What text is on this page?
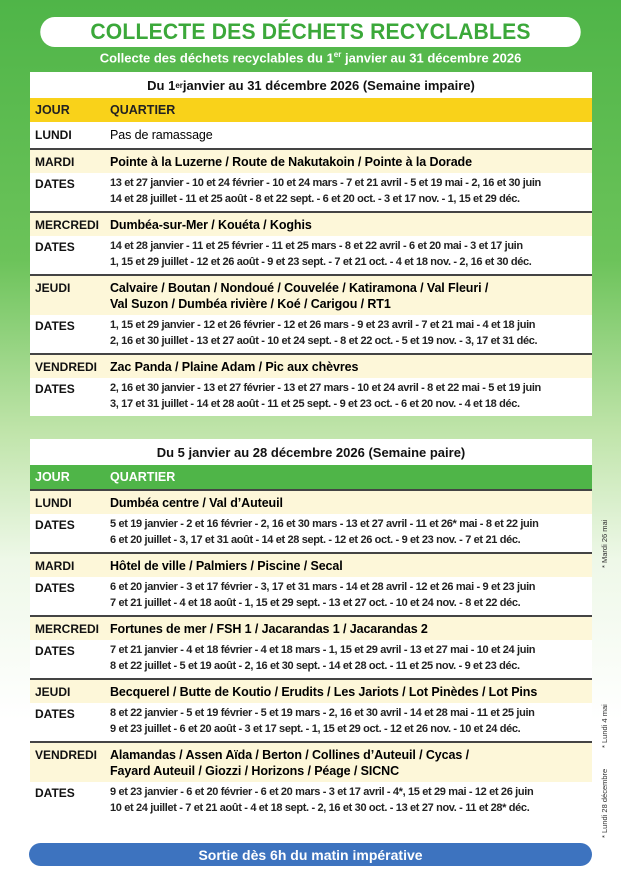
COLLECTE DES DÉCHETS RECYCLABLES
Collecte des déchets recyclables du 1er janvier au 31 décembre 2026
Du 1 er janvier au 31 décembre 2026 (Semaine impaire)
JOUR	QUARTIER
LUNDI	Pas de ramassage
MARDI	Pointe à la Luzerne / Route de Nakutakoin / Pointe à la Dorade
DATES	13 et 27 janvier - 10 et 24 février - 10 et 24 mars - 7 et 21 avril - 5 et 19 mai - 2, 16 et 30 juin
14 et 28 juillet - 11 et 25 août - 8 et 22 sept. - 6 et 20 oct. - 3 et 17 nov. - 1, 15 et 29 déc.
MERCREDI Dumbéa-sur-Mer / Kouéta / Koghis
DATES	14 et 28 janvier - 11 et 25 février - 11 et 25 mars - 8 et 22 avril - 6 et 20 mai - 3 et 17 juin
1, 15 et 29 juillet - 12 et 26 août - 9 et 23 sept. - 7 et 21 oct. - 4 et 18 nov. - 2, 16 et 30 déc.
JEUDI	Calvaire / Boutan / Nondoué / Couvelée / Katiramona / Val Fleuri /
Val Suzon / Dumbéa rivière / Koé / Carigou / RT1
DATES	1, 15 et 29 janvier - 12 et 26 février - 12 et 26 mars - 9 et 23 avril - 7 et 21 mai - 4 et 18 juin
2, 16 et 30 juillet - 13 et 27 août - 10 et 24 sept. - 8 et 22 oct. - 5 et 19 nov. - 3, 17 et 31 déc.
VENDREDI	Zac Panda / Plaine Adam / Pic aux chèvres
DATES	2, 16 et 30 janvier - 13 et 27 février - 13 et 27 mars - 10 et 24 avril - 8 et 22 mai - 5 et 19 juin
3, 17 et 31 juillet - 14 et 28 août - 11 et 25 sept. - 9 et 23 oct. - 6 et 20 nov. - 4 et 18 déc.
Du 5 janvier au 28 décembre 2026 (Semaine paire)
JOUR	QUARTIER
LUNDI	Dumbéa centre / Val d’Auteuil
DATES	5 et 19 janvier - 2 et 16 février - 2, 16 et 30 mars - 13 et 27 avril - 11 et 26* mai - 8 et 22 juin
6 et 20 juillet - 3, 17 et 31 août - 14 et 28 sept. - 12 et 26 oct. - 9 et 23 nov. - 7 et 21 déc.
MARDI	Hôtel de ville / Palmiers / Piscine / Secal
DATES	6 et 20 janvier - 3 et 17 février - 3, 17 et 31 mars - 14 et 28 avril - 12 et 26 mai - 9 et 23 juin
7 et 21 juillet - 4 et 18 août - 1, 15 et 29 sept. - 13 et 27 oct. - 10 et 24 nov. - 8 et 22 déc.
MERCREDI Fortunes de mer / FSH 1 / Jacarandas 1 / Jacarandas 2
DATES	7 et 21 janvier - 4 et 18 février - 4 et 18 mars - 1, 15 et 29 avril - 13 et 27 mai - 10 et 24 juin
8 et 22 juillet - 5 et 19 août - 2, 16 et 30 sept. - 14 et 28 oct. - 11 et 25 nov. - 9 et 23 déc.
JEUDI	Becquerel / Butte de Koutio / Erudits / Les Jariots / Lot Pinèdes / Lot Pins
DATES	8 et 22 janvier - 5 et 19 février - 5 et 19 mars - 2, 16 et 30 avril - 14 et 28 mai - 11 et 25 juin
9 et 23 juillet - 6 et 20 août - 3 et 17 sept. - 1, 15 et 29 oct. - 12 et 26 nov. - 10 et 24 déc.
VENDREDI	Alamandas / Assen Aïda / Berton / Collines d’Auteuil / Cycas /
Fayard Auteuil / Giozzi / Horizons / Péage / SICNC
DATES	9 et 23 janvier - 6 et 20 février - 6 et 20 mars - 3 et 17 avril - 4*, 15 et 29 mai - 12 et 26 juin
10 et 24 juillet - 7 et 21 août - 4 et 18 sept. - 2, 16 et 30 oct. - 13 et 27 nov. - 11 et 28* déc.
Sortie dès 6h du matin impérative
* Mardi 26 mai
* Lundi 4 mai
* Lundi 28 décembre
